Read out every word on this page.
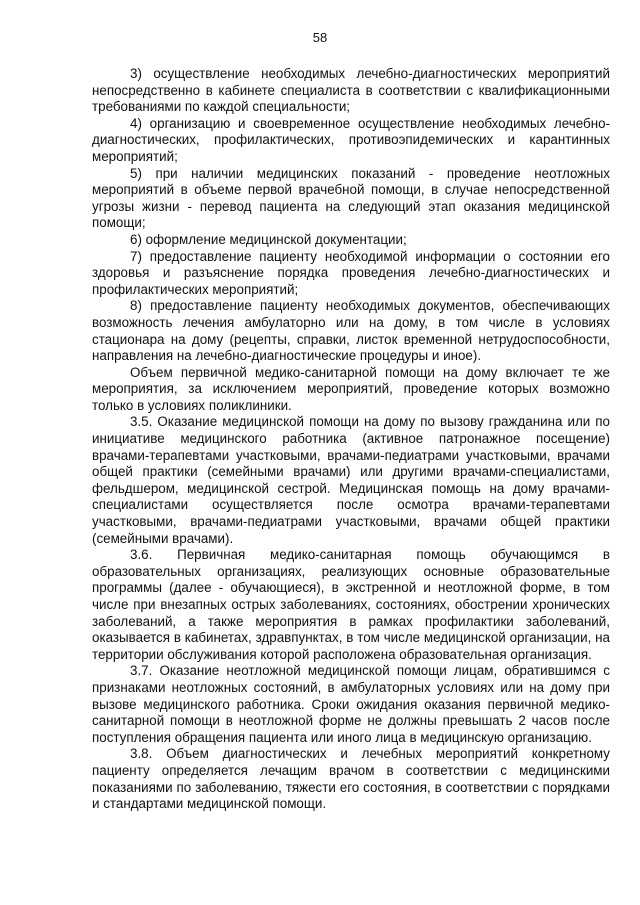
58

3) осуществление необходимых лечебно-диагностических мероприятий непосредственно в кабинете специалиста в соответствии с квалификационными требованиями по каждой специальности;

4) организацию и своевременное осуществление необходимых лечебно-диагностических, профилактических, противоэпидемических и карантинных мероприятий;

5) при наличии медицинских показаний - проведение неотложных мероприятий в объеме первой врачебной помощи, в случае непосредственной угрозы жизни - перевод пациента на следующий этап оказания медицинской помощи;

6) оформление медицинской документации;

7) предоставление пациенту необходимой информации о состоянии его здоровья и разъяснение порядка проведения лечебно-диагностических и профилактических мероприятий;

8) предоставление пациенту необходимых документов, обеспечивающих возможность лечения амбулаторно или на дому, в том числе в условиях стационара на дому (рецепты, справки, листок временной нетрудоспособности, направления на лечебно-диагностические процедуры и иное).

Объем первичной медико-санитарной помощи на дому включает те же мероприятия, за исключением мероприятий, проведение которых возможно только в условиях поликлиники.

3.5. Оказание медицинской помощи на дому по вызову гражданина или по инициативе медицинского работника (активное патронажное посещение) врачами-терапевтами участковыми, врачами-педиатрами участковыми, врачами общей практики (семейными врачами) или другими врачами-специалистами, фельдшером, медицинской сестрой. Медицинская помощь на дому врачами-специалистами осуществляется после осмотра врачами-терапевтами участковыми, врачами-педиатрами участковыми, врачами общей практики (семейными врачами).

3.6. Первичная медико-санитарная помощь обучающимся в образовательных организациях, реализующих основные образовательные программы (далее - обучающиеся), в экстренной и неотложной форме, в том числе при внезапных острых заболеваниях, состояниях, обострении хронических заболеваний, а также мероприятия в рамках профилактики заболеваний, оказывается в кабинетах, здравпунктах, в том числе медицинской организации, на территории обслуживания которой расположена образовательная организация.

3.7. Оказание неотложной медицинской помощи лицам, обратившимся с признаками неотложных состояний, в амбулаторных условиях или на дому при вызове медицинского работника. Сроки ожидания оказания первичной медико-санитарной помощи в неотложной форме не должны превышать 2 часов после поступления обращения пациента или иного лица в медицинскую организацию.

3.8. Объем диагностических и лечебных мероприятий конкретному пациенту определяется лечащим врачом в соответствии с медицинскими показаниями по заболеванию, тяжести его состояния, в соответствии с порядками и стандартами медицинской помощи.
